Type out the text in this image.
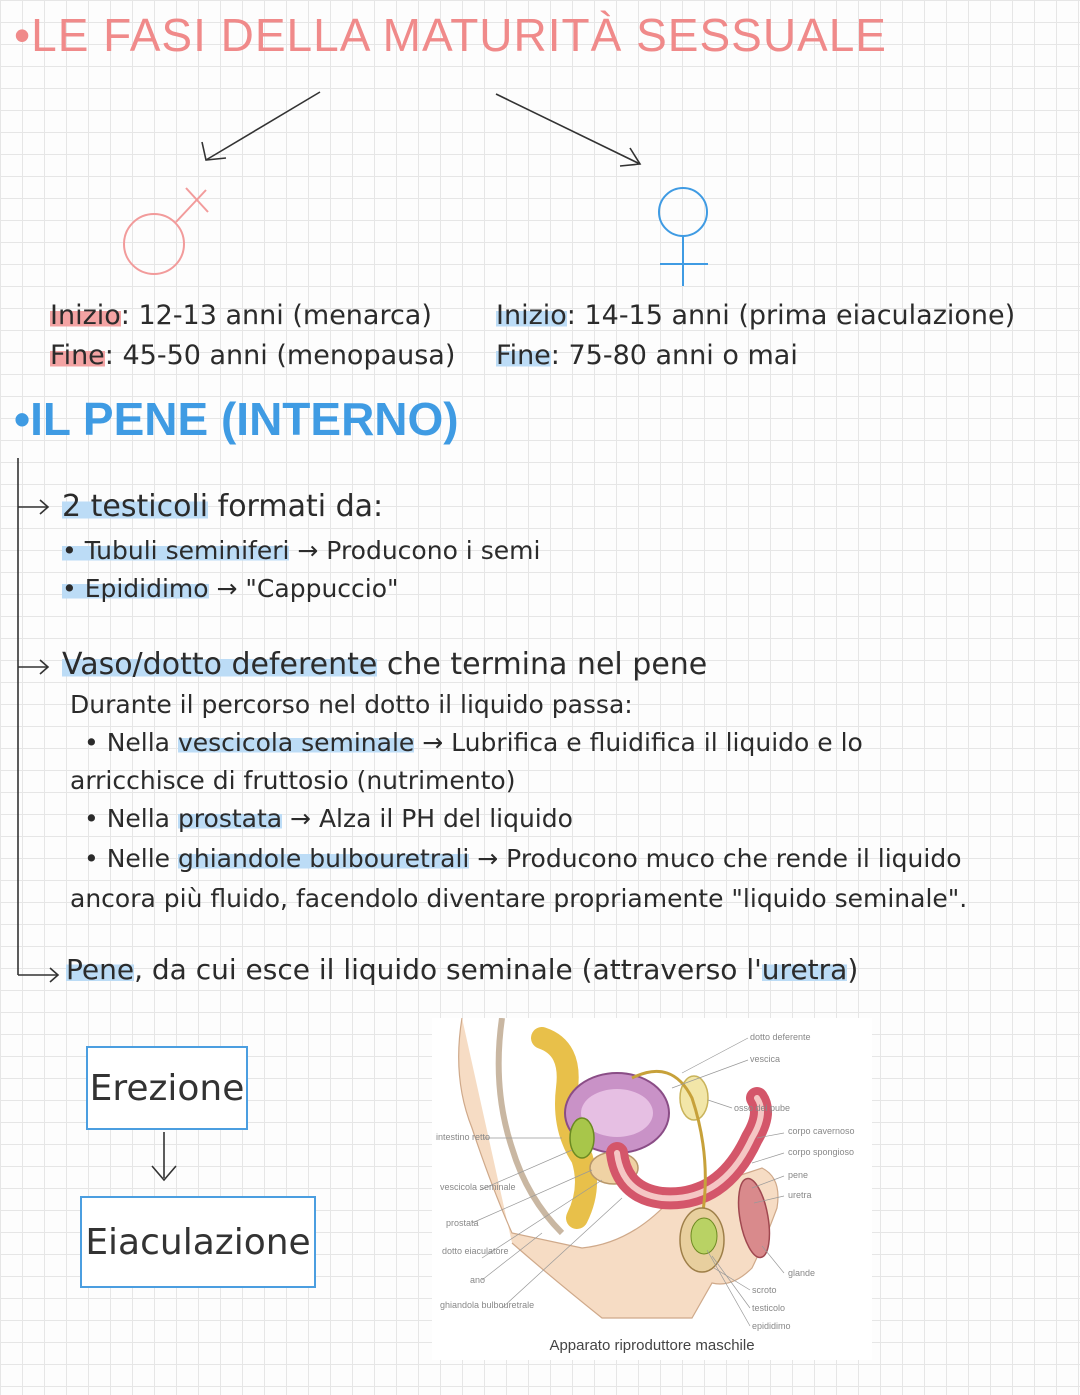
•LE FASI DELLA MATURITÀ SESSUALE
Inizio: 12-13 anni (menarca)
Fine: 45-50 anni (menopausa)
Inizio: 14-15 anni (prima eiaculazione)
Fine: 75-80 anni o mai
•IL PENE (INTERNO)
2 testicoli formati da:
• Tubuli seminiferi → Producono i semi
• Epididimo → "Cappuccio"
Vaso/dotto deferente che termina nel pene
Durante il percorso nel dotto il liquido passa:
• Nella vescicola seminale → Lubrifica e fluidifica il liquido e lo
arricchisce di fruttosio (nutrimento)
• Nella prostata → Alza il PH del liquido
• Nelle ghiandole bulbouretrali → Producono muco che rende il liquido
ancora più fluido, facendolo diventare propriamente "liquido seminale".
Pene, da cui esce il liquido seminale (attraverso l'uretra)
Erezione
Eiaculazione
dotto deferente
vescica
osso del pube
corpo cavernoso
corpo spongioso
pene
uretra
glande
scroto
testicolo
epididimo
intestino retto
vescicola seminale
prostata
dotto eiaculatore
ano
ghiandola bulbouretrale
Apparato riproduttore maschile
